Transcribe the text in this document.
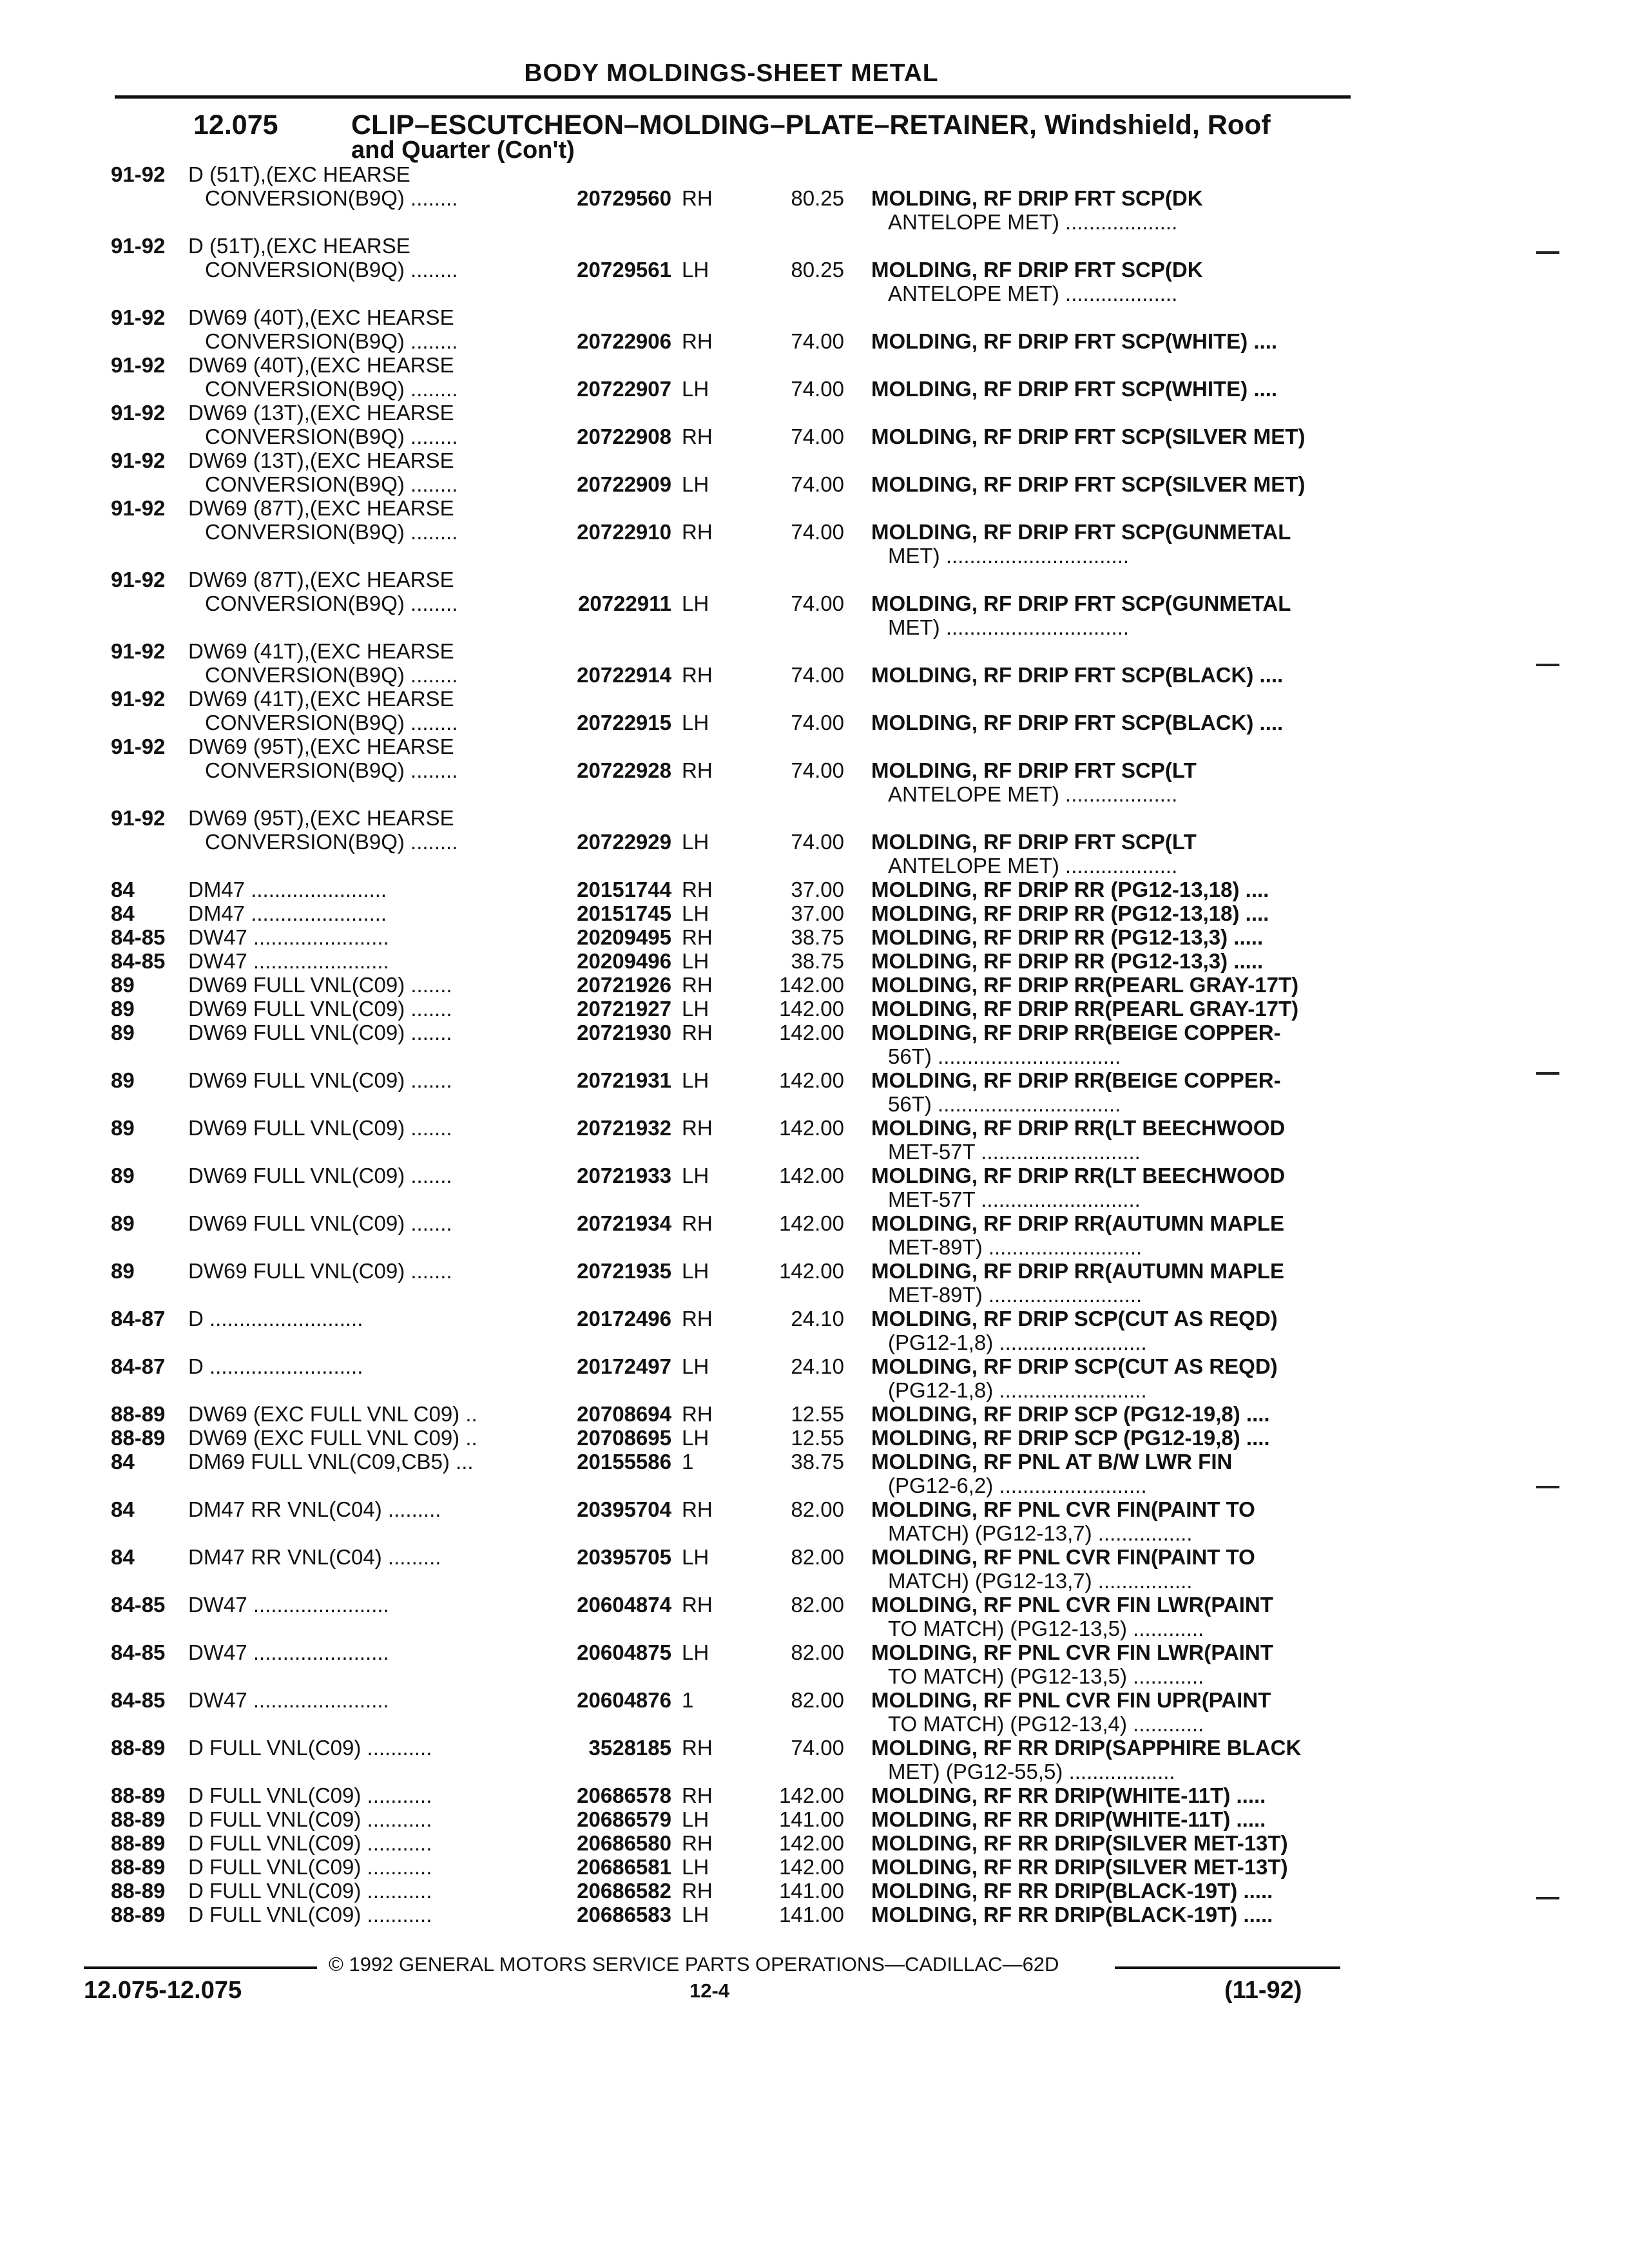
BODY MOLDINGS-SHEET METAL
12.075	CLIP–ESCUTCHEON–MOLDING–PLATE–RETAINER, Windshield, Roof
and Quarter (Con't)
91-92 D (51T),(EXC HEARSE
CONVERSION(B9Q) ........	20729560 RH	80.25 MOLDING, RF DRIP FRT SCP(DK
ANTELOPE MET) ...................
91-92 D (51T),(EXC HEARSE
CONVERSION(B9Q) ........	20729561 LH	80.25 MOLDING, RF DRIP FRT SCP(DK
ANTELOPE MET) ...................
91-92 DW69 (40T),(EXC HEARSE
CONVERSION(B9Q) ........	20722906 RH	74.00 MOLDING, RF DRIP FRT SCP(WHITE) ....
91-92 DW69 (40T),(EXC HEARSE
CONVERSION(B9Q) ........	20722907 LH	74.00 MOLDING, RF DRIP FRT SCP(WHITE) ....
91-92 DW69 (13T),(EXC HEARSE
CONVERSION(B9Q) ........	20722908 RH	74.00 MOLDING, RF DRIP FRT SCP(SILVER MET)
91-92 DW69 (13T),(EXC HEARSE
CONVERSION(B9Q) ........	20722909 LH	74.00 MOLDING, RF DRIP FRT SCP(SILVER MET)
91-92 DW69 (87T),(EXC HEARSE
CONVERSION(B9Q) ........	20722910 RH	74.00 MOLDING, RF DRIP FRT SCP(GUNMETAL
MET) ...............................
91-92 DW69 (87T),(EXC HEARSE
CONVERSION(B9Q) ........	20722911 LH	74.00 MOLDING, RF DRIP FRT SCP(GUNMETAL
MET) ...............................
91-92 DW69 (41T),(EXC HEARSE
CONVERSION(B9Q) ........	20722914 RH	74.00 MOLDING, RF DRIP FRT SCP(BLACK) ....
91-92 DW69 (41T),(EXC HEARSE
CONVERSION(B9Q) ........	20722915 LH	74.00 MOLDING, RF DRIP FRT SCP(BLACK) ....
91-92 DW69 (95T),(EXC HEARSE
CONVERSION(B9Q) ........	20722928 RH	74.00 MOLDING, RF DRIP FRT SCP(LT
ANTELOPE MET) ...................
91-92 DW69 (95T),(EXC HEARSE
CONVERSION(B9Q) ........	20722929 LH	74.00 MOLDING, RF DRIP FRT SCP(LT
ANTELOPE MET) ...................
84	DM47 .......................	20151744 RH	37.00 MOLDING, RF DRIP RR (PG12-13,18) ....
84	DM47 .......................	20151745 LH	37.00 MOLDING, RF DRIP RR (PG12-13,18) ....
84-85 DW47 .......................	20209495 RH	38.75 MOLDING, RF DRIP RR (PG12-13,3) .....
84-85 DW47 .......................	20209496 LH	38.75 MOLDING, RF DRIP RR (PG12-13,3) .....
89	DW69 FULL VNL(C09) .......	20721926 RH	142.00 MOLDING, RF DRIP RR(PEARL GRAY-17T)
89	DW69 FULL VNL(C09) .......	20721927 LH	142.00 MOLDING, RF DRIP RR(PEARL GRAY-17T)
89	DW69 FULL VNL(C09) .......	20721930 RH	142.00 MOLDING, RF DRIP RR(BEIGE COPPER-
56T) ...............................
89	DW69 FULL VNL(C09) .......	20721931 LH	142.00 MOLDING, RF DRIP RR(BEIGE COPPER-
56T) ...............................
89	DW69 FULL VNL(C09) .......	20721932 RH	142.00 MOLDING, RF DRIP RR(LT BEECHWOOD
MET-57T ...........................
89	DW69 FULL VNL(C09) .......	20721933 LH	142.00 MOLDING, RF DRIP RR(LT BEECHWOOD
MET-57T ...........................
89	DW69 FULL VNL(C09) .......	20721934 RH	142.00 MOLDING, RF DRIP RR(AUTUMN MAPLE
MET-89T) ..........................
89	DW69 FULL VNL(C09) .......	20721935 LH	142.00 MOLDING, RF DRIP RR(AUTUMN MAPLE
MET-89T) ..........................
84-87 D ..........................	20172496 RH	24.10 MOLDING, RF DRIP SCP(CUT AS REQD)
(PG12-1,8) .........................
84-87 D ..........................	20172497 LH	24.10 MOLDING, RF DRIP SCP(CUT AS REQD)
(PG12-1,8) .........................
88-89 DW69 (EXC FULL VNL C09) ..	20708694 RH	12.55 MOLDING, RF DRIP SCP (PG12-19,8) ....
88-89 DW69 (EXC FULL VNL C09) ..	20708695 LH	12.55 MOLDING, RF DRIP SCP (PG12-19,8) ....
84	DM69 FULL VNL(C09,CB5) ...	20155586 1	38.75 MOLDING, RF PNL AT B/W LWR FIN
(PG12-6,2) .........................
84	DM47 RR VNL(C04) .........	20395704 RH	82.00 MOLDING, RF PNL CVR FIN(PAINT TO
MATCH) (PG12-13,7) ................
84	DM47 RR VNL(C04) .........	20395705 LH	82.00 MOLDING, RF PNL CVR FIN(PAINT TO
MATCH) (PG12-13,7) ................
84-85 DW47 .......................	20604874 RH	82.00 MOLDING, RF PNL CVR FIN LWR(PAINT
TO MATCH) (PG12-13,5) ............
84-85 DW47 .......................	20604875 LH	82.00 MOLDING, RF PNL CVR FIN LWR(PAINT
TO MATCH) (PG12-13,5) ............
84-85 DW47 .......................	20604876 1	82.00 MOLDING, RF PNL CVR FIN UPR(PAINT
TO MATCH) (PG12-13,4) ............
88-89 D FULL VNL(C09) ...........	3528185 RH	74.00 MOLDING, RF RR DRIP(SAPPHIRE BLACK
MET) (PG12-55,5) ..................
88-89 D FULL VNL(C09) ...........	20686578 RH	142.00 MOLDING, RF RR DRIP(WHITE-11T) .....
88-89 D FULL VNL(C09) ...........	20686579 LH	141.00 MOLDING, RF RR DRIP(WHITE-11T) .....
88-89 D FULL VNL(C09) ...........	20686580 RH	142.00 MOLDING, RF RR DRIP(SILVER MET-13T)
88-89 D FULL VNL(C09) ...........	20686581 LH	142.00 MOLDING, RF RR DRIP(SILVER MET-13T)
88-89 D FULL VNL(C09) ...........	20686582 RH	141.00 MOLDING, RF RR DRIP(BLACK-19T) .....
88-89 D FULL VNL(C09) ...........	20686583 LH	141.00 MOLDING, RF RR DRIP(BLACK-19T) .....
© 1992 GENERAL MOTORS SERVICE PARTS OPERATIONS—CADILLAC—62D
12.075-12.075	12-4	(11-92)
